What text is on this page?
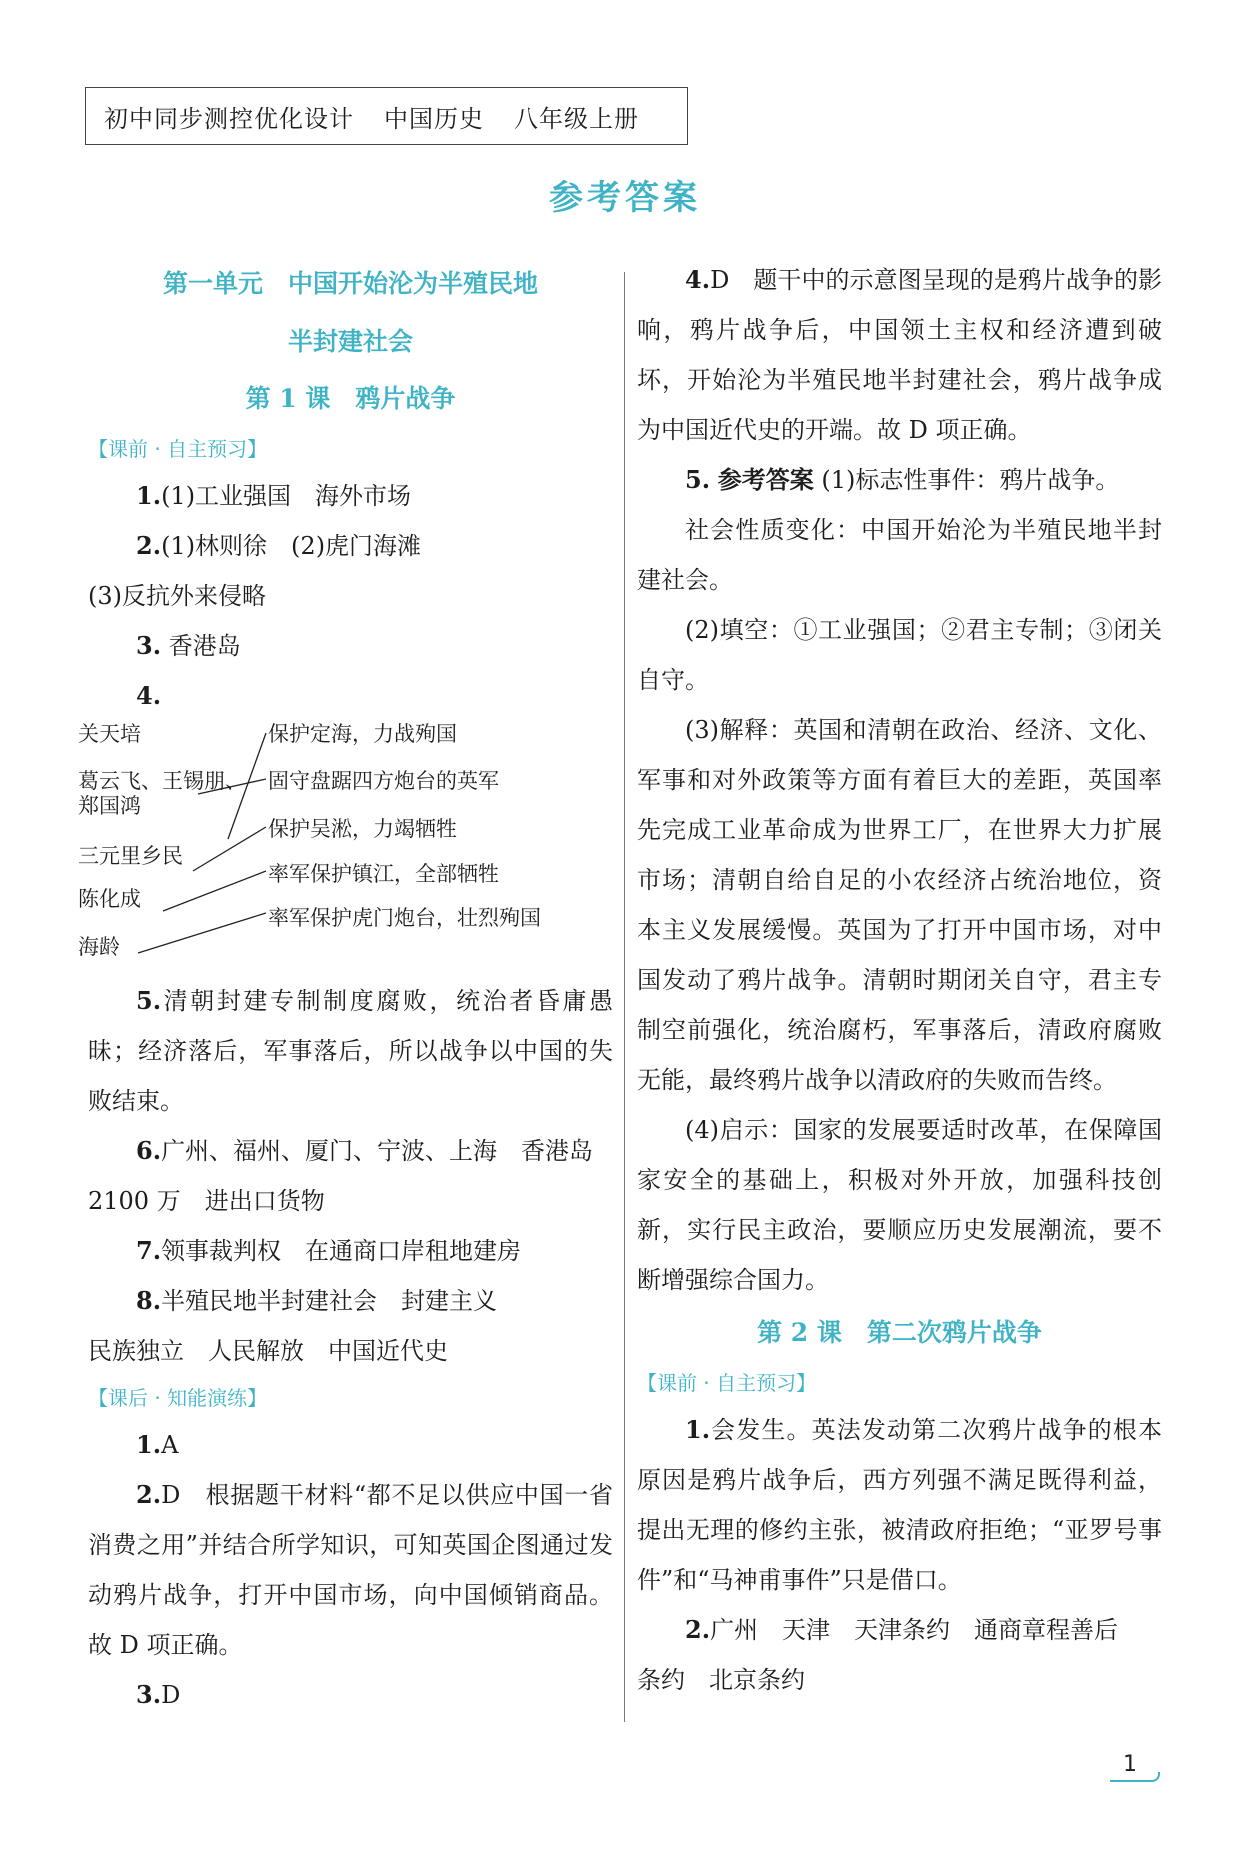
初中同步测控优化设计 中国历史 八年级上册
参考答案
第一单元　中国开始沦为半殖民地
半封建社会
第 1 课　鸦片战争
【课前 · 自主预习】

1.(1)工业强国　海外市场

2.(1)林则徐　(2)虎门海滩

(3)反抗外来侵略

3. 香港岛

4.

关天培
葛云飞、王锡朋、
郑国鸿
三元里乡民
陈化成
海龄
保护定海，力战殉国
固守盘踞四方炮台的英军
保护吴淞，力竭牺牲
率军保护镇江，全部牺牲
率军保护虎门炮台，壮烈殉国

5.清朝封建专制制度腐败，统治者昏庸愚昧；经济落后，军事落后，所以战争以中国的失败结束。

6.广州、福州、厦门、宁波、上海　香港岛

2100 万　进出口货物

7.领事裁判权　在通商口岸租地建房

8.半殖民地半封建社会　封建主义

民族独立　人民解放　中国近代史

【课后 · 知能演练】

1.A

2.D　根据题干材料“都不足以供应中国一省消费之用”并结合所学知识，可知英国企图通过发动鸦片战争，打开中国市场，向中国倾销商品。故 D 项正确。

3.D

4.D　题干中的示意图呈现的是鸦片战争的影响，鸦片战争后，中国领土主权和经济遭到破坏，开始沦为半殖民地半封建社会，鸦片战争成为中国近代史的开端。故 D 项正确。

5. 参考答案 (1)标志性事件：鸦片战争。

社会性质变化：中国开始沦为半殖民地半封建社会。

(2)填空：①工业强国；②君主专制；③闭关自守。

(3)解释：英国和清朝在政治、经济、文化、军事和对外政策等方面有着巨大的差距，英国率先完成工业革命成为世界工厂，在世界大力扩展市场；清朝自给自足的小农经济占统治地位，资本主义发展缓慢。英国为了打开中国市场，对中国发动了鸦片战争。清朝时期闭关自守，君主专制空前强化，统治腐朽，军事落后，清政府腐败无能，最终鸦片战争以清政府的失败而告终。

(4)启示：国家的发展要适时改革，在保障国家安全的基础上，积极对外开放，加强科技创新，实行民主政治，要顺应历史发展潮流，要不断增强综合国力。

第 2 课　第二次鸦片战争
【课前 · 自主预习】

1.会发生。英法发动第二次鸦片战争的根本原因是鸦片战争后，西方列强不满足既得利益，提出无理的修约主张，被清政府拒绝；“亚罗号事件”和“马神甫事件”只是借口。

2.广州　天津　天津条约　通商章程善后

条约　北京条约

1
